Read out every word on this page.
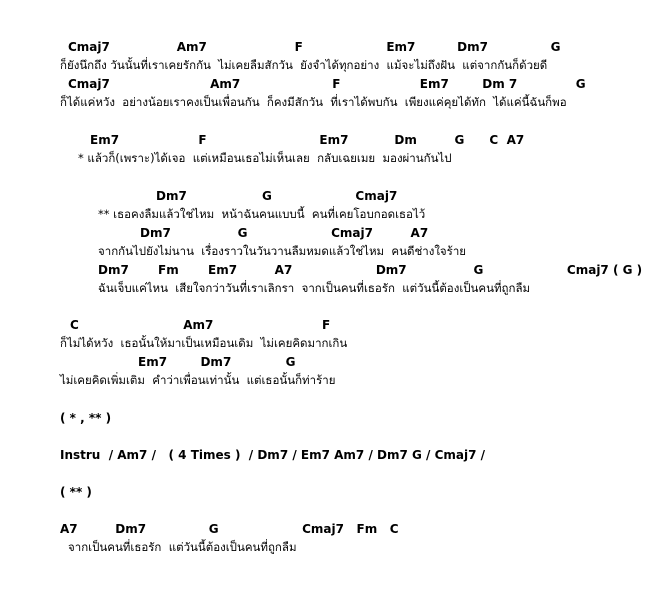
Cmaj7                Am7                     F                    Em7          Dm7               G
ก็ยังนึกถึง วันนั้นที่เราเคยรักกัน  ไม่เคยลืมสักวัน  ยังจำได้ทุกอย่าง  แม้จะไม่ถึงฝัน  แต่จากกันก็ด้วยดี
Cmaj7                        Am7                      F                   Em7        Dm 7              G
ก็ได้แค่หวัง  อย่างน้อยเราคงเป็นเพื่อนกัน  ก็คงมีสักวัน  ที่เราได้พบกัน  เพียงแค่คุยได้ทัก  ได้แค่นี้ฉันก็พอ
Em7                   F                           Em7           Dm         G      C  A7
* แล้วก็(เพราะ)ได้เจอ  แต่เหมือนเธอไม่เห็นเลย  กลับเฉยเมย  มองผ่านกันไป
Dm7                  G                    Cmaj7
** เธอคงลืมแล้วใช่ไหม  หน้าฉันคนแบบนี้  คนที่เคยโอบกอดเธอไว้
Dm7                G                    Cmaj7         A7
จากกันไปยังไม่นาน  เรื่องราวในวันวานลืมหมดแล้วใช่ไหม  คนดีช่างใจร้าย
Dm7       Fm       Em7         A7                    Dm7                G                    Cmaj7 ( G )
ฉันเจ็บแค่ไหน  เสียใจกว่าวันที่เราเลิกรา  จากเป็นคนที่เธอรัก  แต่วันนี้ต้องเป็นคนที่ถูกลืม
C                         Am7                          F
ก็ไม่ได้หวัง  เธอนั้นให้มาเป็นเหมือนเดิม  ไม่เคยคิดมากเกิน
Em7        Dm7             G
ไม่เคยคิดเพิ่มเติม  คำว่าเพื่อนเท่านั้น  แต่เธอนั้นก็ท่าร้าย
( * , ** )
Instru  / Am7 /   ( 4 Times )  / Dm7 / Em7 Am7 / Dm7 G / Cmaj7 /
( ** )
A7         Dm7               G                    Cmaj7   Fm   C
จากเป็นคนที่เธอรัก  แต่วันนี้ต้องเป็นคนที่ถูกลืม
